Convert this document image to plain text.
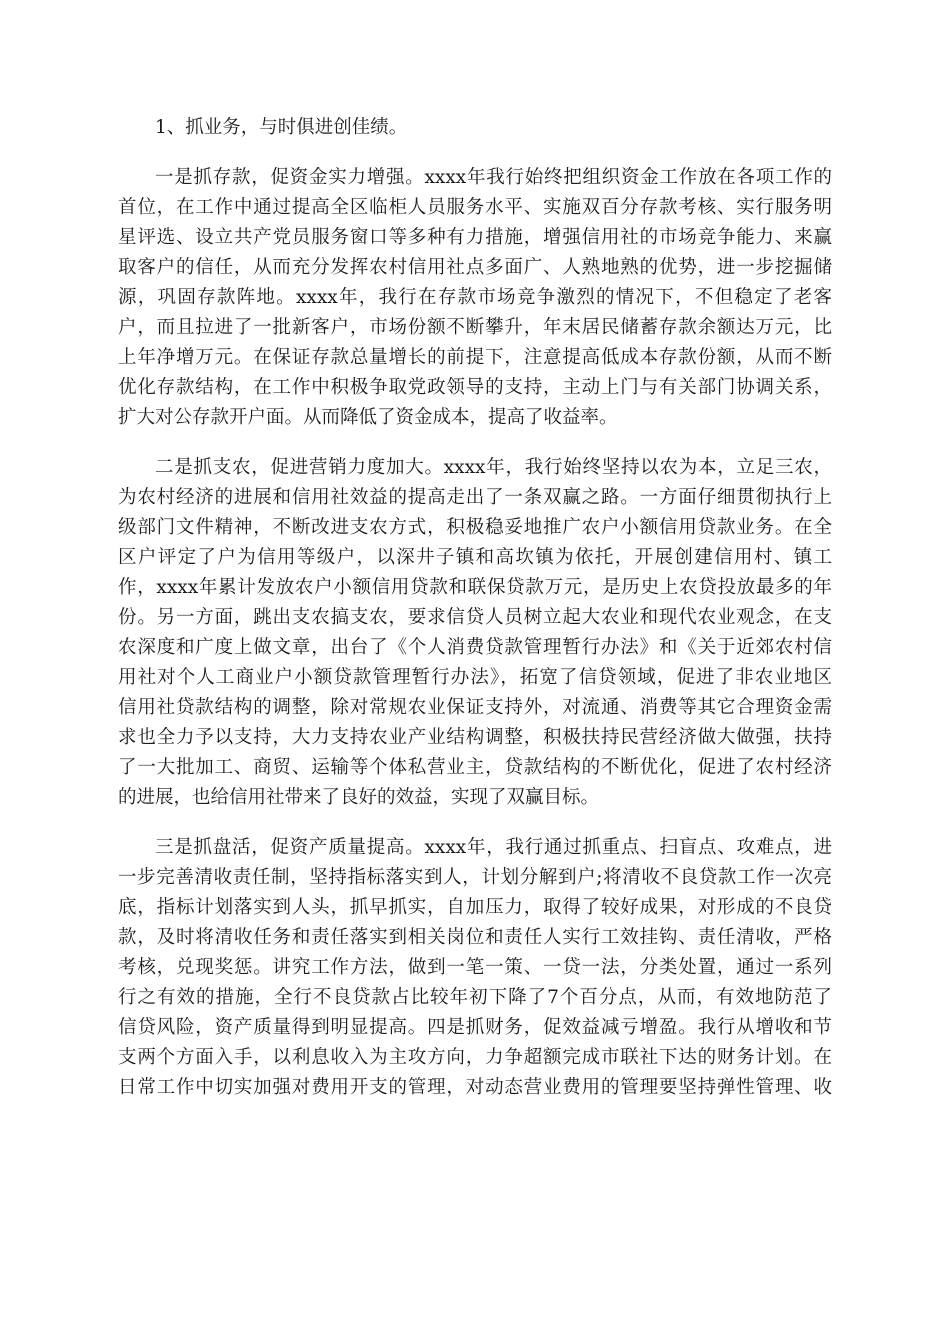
1、抓业务，与时俱进创佳绩。
一是抓存款，促资金实力增强。xxxx年我行始终把组织资金工作放在各项工作的
首位，在工作中通过提高全区临柜人员服务水平、实施双百分存款考核、实行服务明
星评选、设立共产党员服务窗口等多种有力措施，增强信用社的市场竞争能力、来赢
取客户的信任，从而充分发挥农村信用社点多面广、人熟地熟的优势，进一步挖掘储
源，巩固存款阵地。xxxx年，我行在存款市场竞争激烈的情况下，不但稳定了老客
户，而且拉进了一批新客户，市场份额不断攀升，年末居民储蓄存款余额达万元，比
上年净增万元。在保证存款总量增长的前提下，注意提高低成本存款份额，从而不断
优化存款结构，在工作中积极争取党政领导的支持，主动上门与有关部门协调关系，
扩大对公存款开户面。从而降低了资金成本，提高了收益率。
二是抓支农，促进营销力度加大。xxxx年，我行始终坚持以农为本，立足三农，
为农村经济的进展和信用社效益的提高走出了一条双赢之路。一方面仔细贯彻执行上
级部门文件精神，不断改进支农方式，积极稳妥地推广农户小额信用贷款业务。在全
区户评定了户为信用等级户，以深井子镇和高坎镇为依托，开展创建信用村、镇工
作，xxxx年累计发放农户小额信用贷款和联保贷款万元，是历史上农贷投放最多的年
份。另一方面，跳出支农搞支农，要求信贷人员树立起大农业和现代农业观念，在支
农深度和广度上做文章，出台了《个人消费贷款管理暂行办法》和《关于近郊农村信
用社对个人工商业户小额贷款管理暂行办法》，拓宽了信贷领域，促进了非农业地区
信用社贷款结构的调整，除对常规农业保证支持外，对流通、消费等其它合理资金需
求也全力予以支持，大力支持农业产业结构调整，积极扶持民营经济做大做强，扶持
了一大批加工、商贸、运输等个体私营业主，贷款结构的不断优化，促进了农村经济
的进展，也给信用社带来了良好的效益，实现了双赢目标。
三是抓盘活，促资产质量提高。xxxx年，我行通过抓重点、扫盲点、攻难点，进
一步完善清收责任制，坚持指标落实到人，计划分解到户;将清收不良贷款工作一次亮
底，指标计划落实到人头，抓早抓实，自加压力，取得了较好成果，对形成的不良贷
款，及时将清收任务和责任落实到相关岗位和责任人实行工效挂钩、责任清收，严格
考核，兑现奖惩。讲究工作方法，做到一笔一策、一贷一法，分类处置，通过一系列
行之有效的措施，全行不良贷款占比较年初下降了7个百分点，从而，有效地防范了
信贷风险，资产质量得到明显提高。四是抓财务，促效益减亏增盈。我行从增收和节
支两个方面入手，以利息收入为主攻方向，力争超额完成市联社下达的财务计划。在
日常工作中切实加强对费用开支的管理，对动态营业费用的管理要坚持弹性管理、收
